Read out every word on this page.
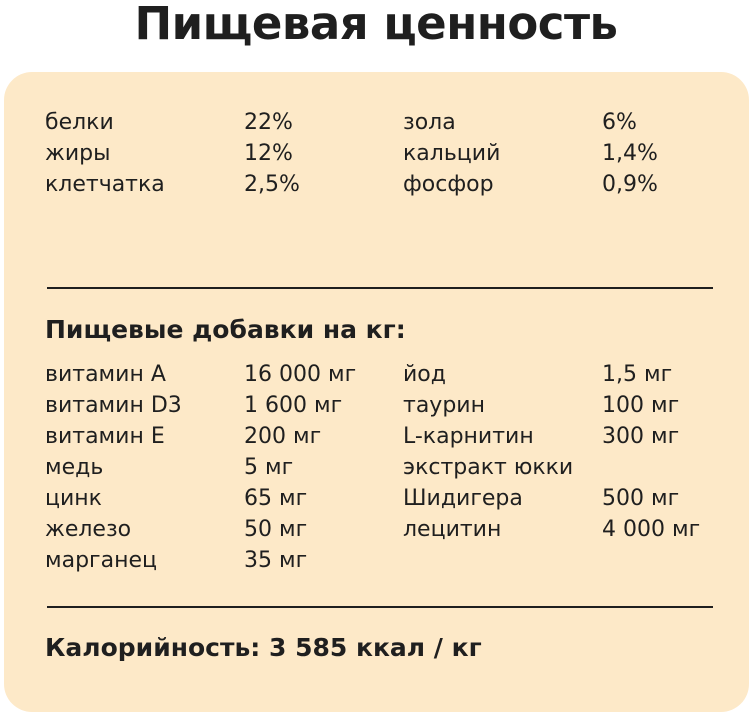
Пищевая ценность
белки	22%	зола	6%
жиры	12%	кальций	1,4%
клетчатка	2,5%	фосфор	0,9%
Пищевые добавки на кг:
витамин А	16 000 мг йод	1,5 мг
витамин D3	1 600 мг	таурин	100 мг
витамин Е	200 мг	L-карнитин	300 мг
медь	5 мг	экстракт юкки
цинк	65 мг	Шидигера	500 мг
железо	50 мг	лецитин	4 000 мг
марганец	35 мг
Калорийность: 3 585 ккал / кг
